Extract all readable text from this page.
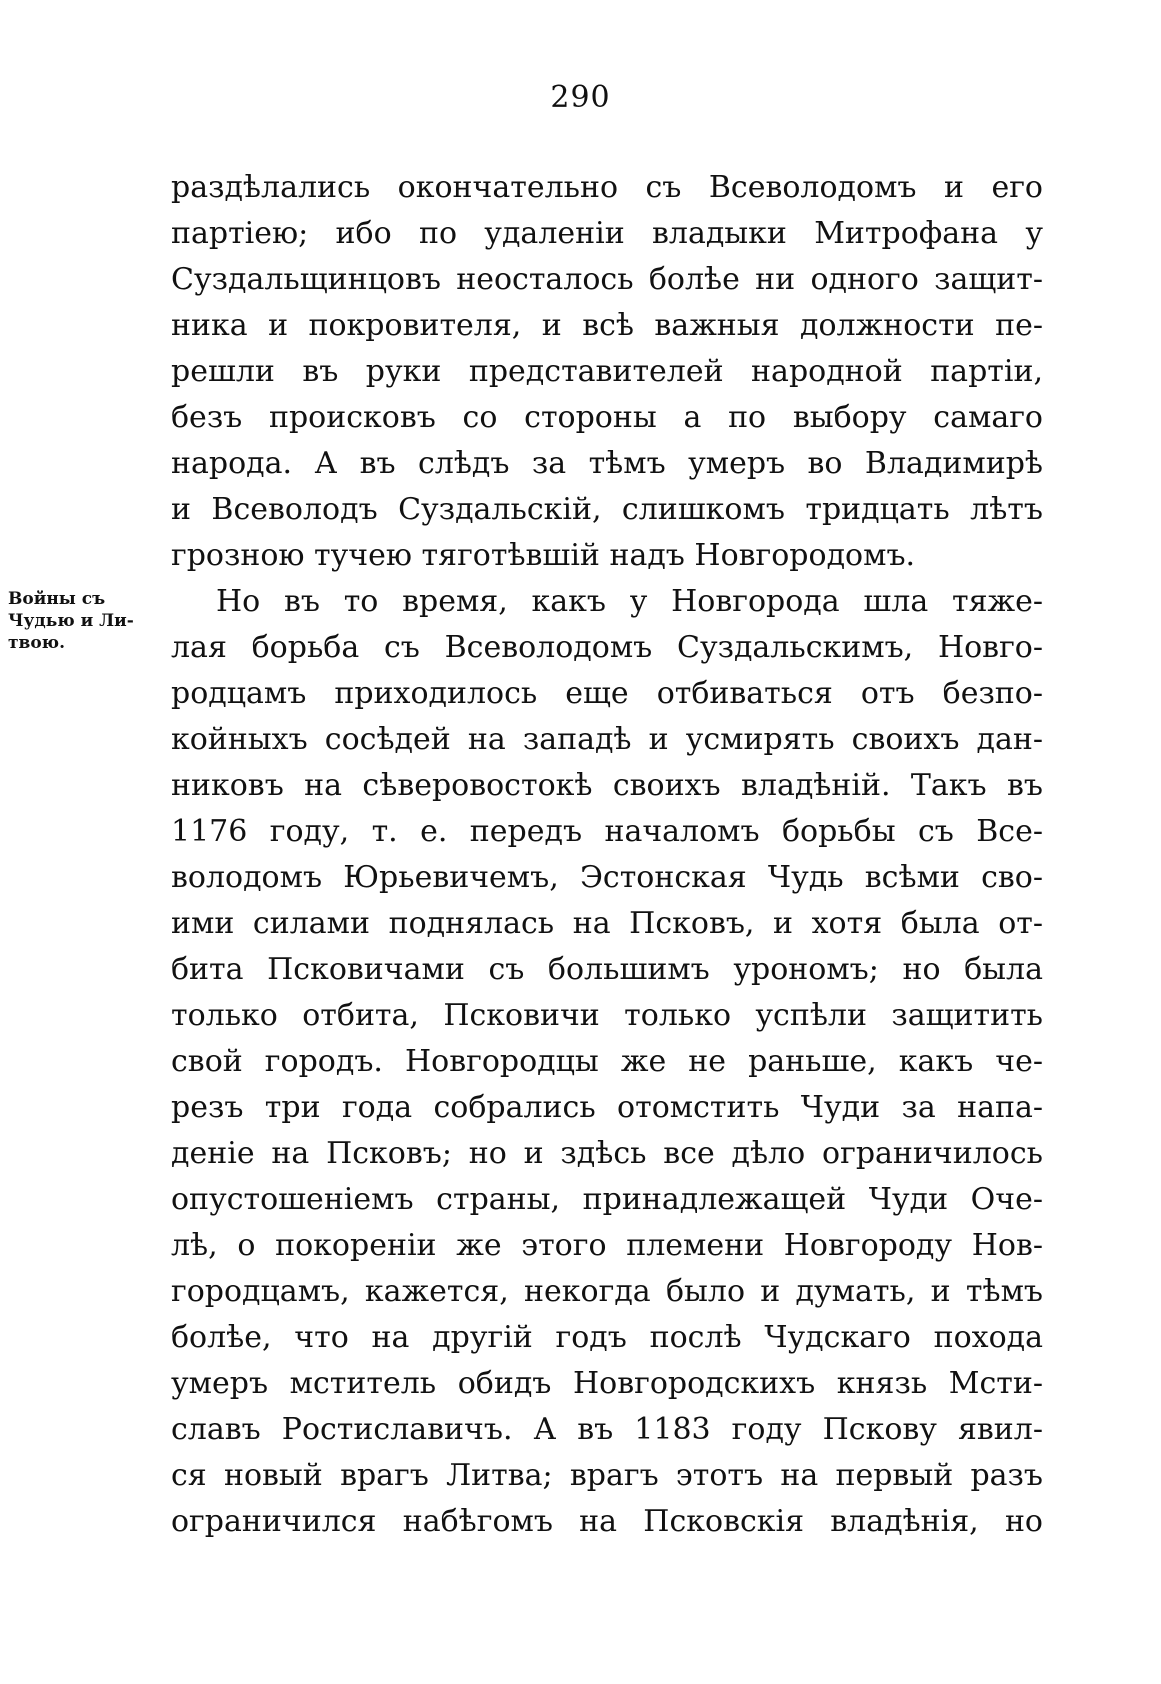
290
Войны съ
Чудью и Ли-
твою.
раздѣлались окончательно съ Всеволодомъ и его
партіею; ибо по удаленіи владыки Митрофана у
Суздальщинцовъ неосталось болѣе ни одного защит-
ника и покровителя, и всѣ важныя должности пе-
решли въ руки представителей народной партіи,
безъ происковъ со стороны а по выбору самаго
народа. А въ слѣдъ за тѣмъ умеръ во Владимирѣ
и Всеволодъ Суздальскій, слишкомъ тридцать лѣтъ
грозною тучею тяготѣвшій надъ Новгородомъ.
Но въ то время, какъ у Новгорода шла тяже-
лая борьба съ Всеволодомъ Суздальскимъ, Новго-
родцамъ приходилось еще отбиваться отъ безпо-
койныхъ сосѣдей на западѣ и усмирять своихъ дан-
никовъ на сѣверовостокѣ своихъ владѣній. Такъ въ
1176 году, т. е. передъ началомъ борьбы съ Все-
володомъ Юрьевичемъ, Эстонская Чудь всѣми сво-
ими силами поднялась на Псковъ, и хотя была от-
бита Псковичами съ большимъ урономъ; но была
только отбита, Псковичи только успѣли защитить
свой городъ. Новгородцы же не раньше, какъ че-
резъ три года собрались отомстить Чуди за напа-
деніе на Псковъ; но и здѣсь все дѣло ограничилось
опустошеніемъ страны, принадлежащей Чуди Оче-
лѣ, о покореніи же этого племени Новгороду Нов-
городцамъ, кажется, некогда было и думать, и тѣмъ
болѣе, что на другій годъ послѣ Чудскаго похода
умеръ мститель обидъ Новгородскихъ князь Мсти-
славъ Ростиславичъ. А въ 1183 году Пскову явил-
ся новый врагъ Литва; врагъ этотъ на первый разъ
ограничился набѣгомъ на Псковскія владѣнія, но
